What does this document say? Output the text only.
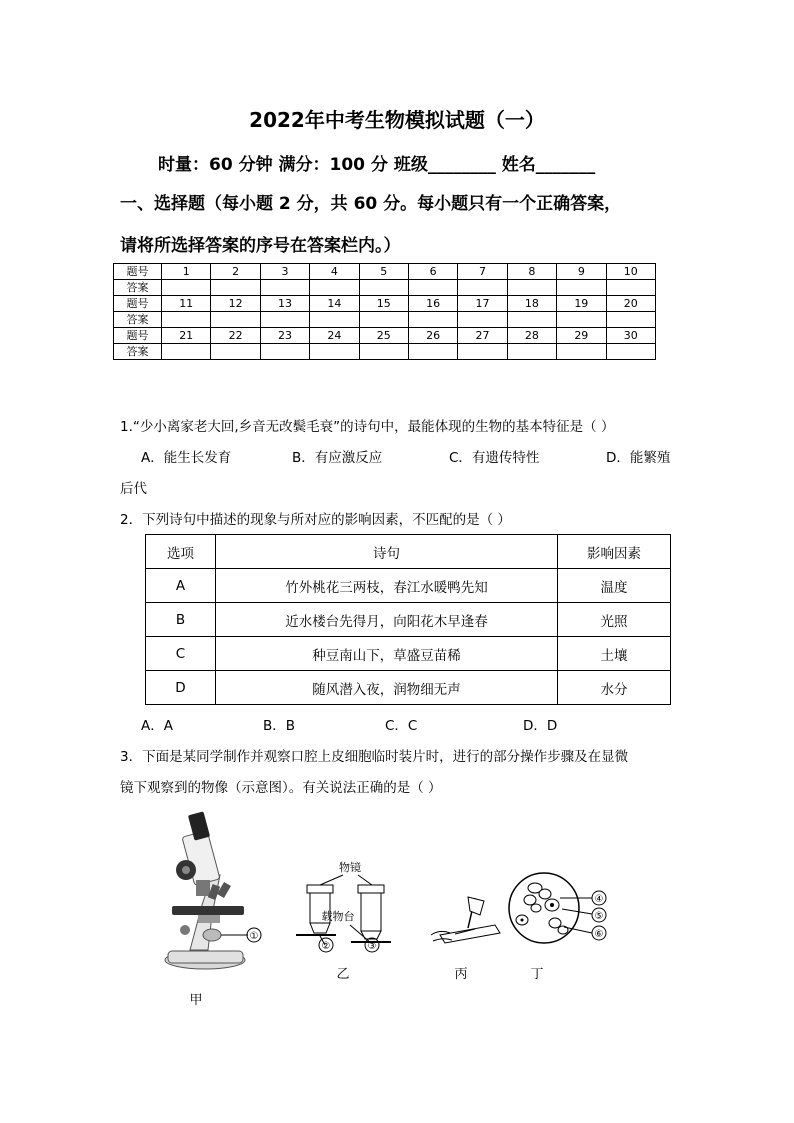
2022年中考生物模拟试题（一）
时量：60 分钟 满分：100 分 班级________ 姓名_______
一、选择题（每小题 2 分，共 60 分。每小题只有一个正确答案，
请将所选择答案的序号在答案栏内。）
题号	1	2	3	4	5	6	7	8	9	10
答案										
题号	11	12	13	14	15	16	17	18	19	20
答案										
题号	21	22	23	24	25	26	27	28	29	30
答案										
1.“少小离家老大回,乡音无改鬓毛衰”的诗句中，最能体现的生物的基本特征是（ ）
A．能生长发育	B．有应激反应	C．有遗传特性	D．能繁殖
后代
2．下列诗句中描述的现象与所对应的影响因素，不匹配的是（ ）
选项	诗句	影响因素
A	竹外桃花三两枝，春江水暖鸭先知	温度
B	近水楼台先得月，向阳花木早逢春	光照
C	种豆南山下，草盛豆苗稀	土壤
D	随风潜入夜，润物细无声	水分
A．A	B．B	C．C	D．D
3．下面是某同学制作并观察口腔上皮细胞临时装片时，进行的部分操作步骤及在显微
镜下观察到的物像（示意图）。有关说法正确的是（ ）
①
甲
物镜
载物台
②	③
乙	丙
④
⑤
⑥
丁
